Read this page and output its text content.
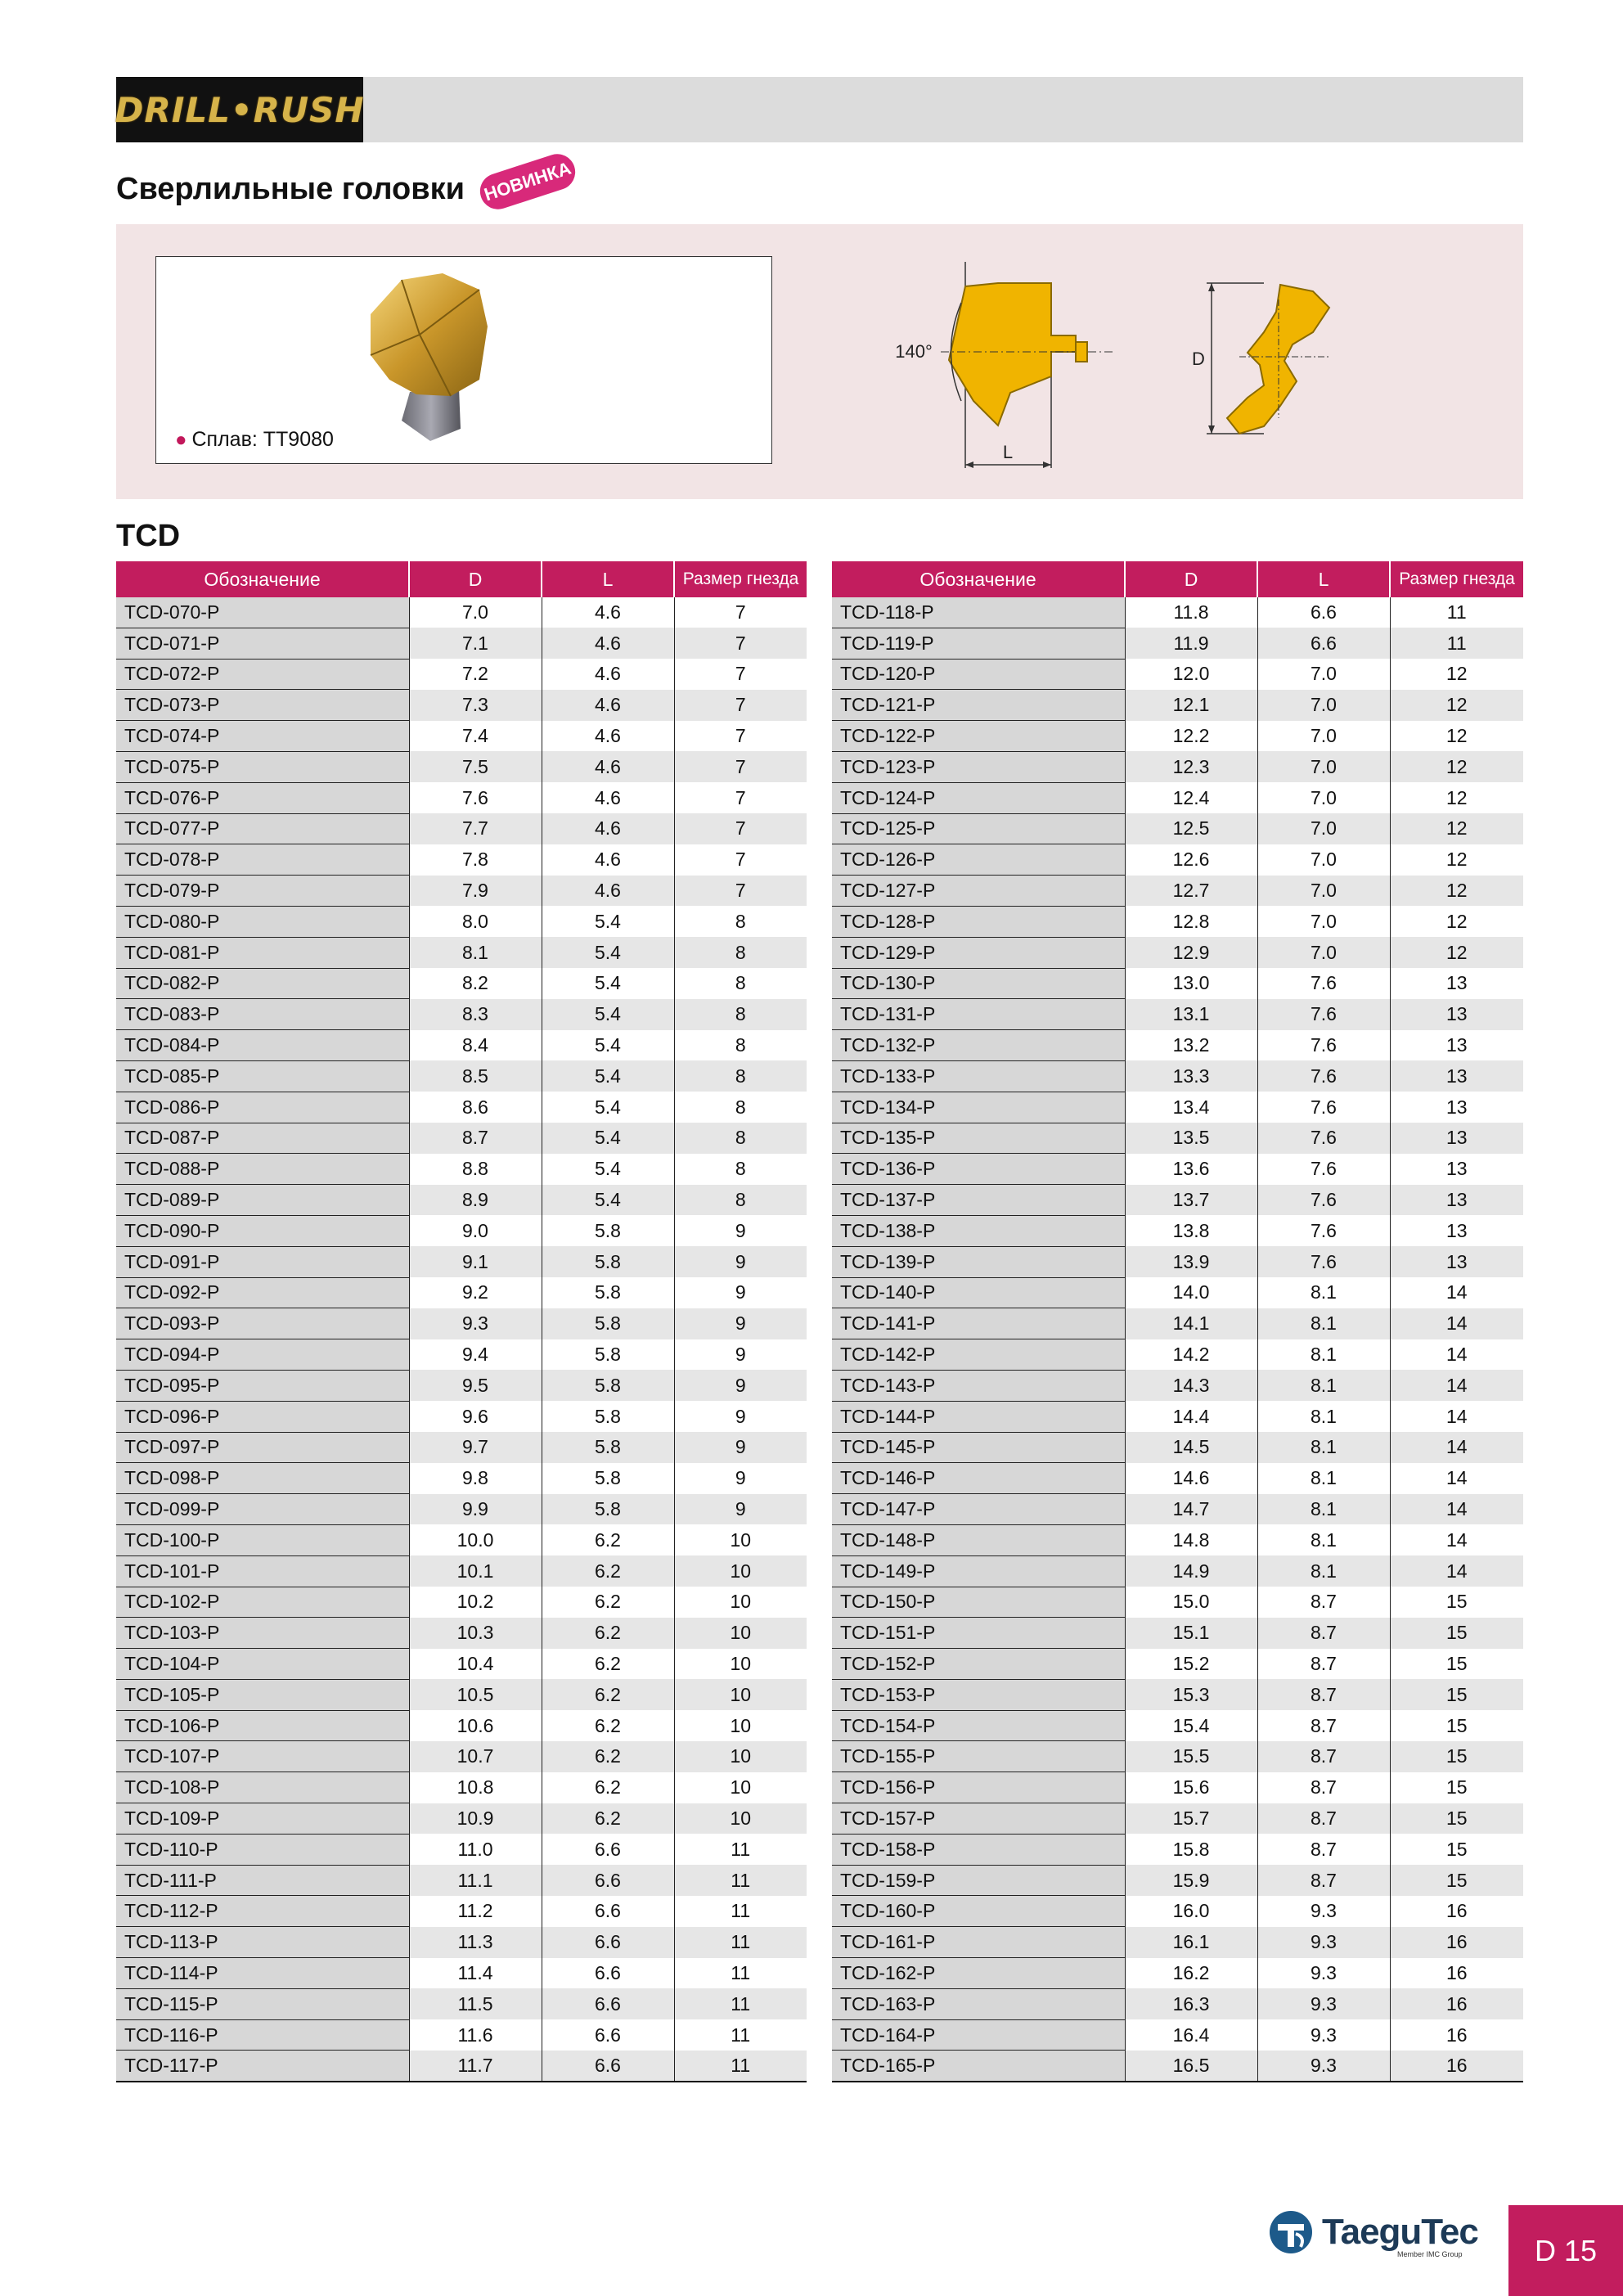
DRILL•RUSH
Сверлильные головки НОВИНКА
● Сплав: TT9080
L
140°	D
TCD
Обозначение	D	L	Размер гнезда
TCD-070-P	7.0	4.6	7
TCD-071-P	7.1	4.6	7
TCD-072-P	7.2	4.6	7
TCD-073-P	7.3	4.6	7
TCD-074-P	7.4	4.6	7
TCD-075-P	7.5	4.6	7
TCD-076-P	7.6	4.6	7
TCD-077-P	7.7	4.6	7
TCD-078-P	7.8	4.6	7
TCD-079-P	7.9	4.6	7
TCD-080-P	8.0	5.4	8
TCD-081-P	8.1	5.4	8
TCD-082-P	8.2	5.4	8
TCD-083-P	8.3	5.4	8
TCD-084-P	8.4	5.4	8
TCD-085-P	8.5	5.4	8
TCD-086-P	8.6	5.4	8
TCD-087-P	8.7	5.4	8
TCD-088-P	8.8	5.4	8
TCD-089-P	8.9	5.4	8
TCD-090-P	9.0	5.8	9
TCD-091-P	9.1	5.8	9
TCD-092-P	9.2	5.8	9
TCD-093-P	9.3	5.8	9
TCD-094-P	9.4	5.8	9
TCD-095-P	9.5	5.8	9
TCD-096-P	9.6	5.8	9
TCD-097-P	9.7	5.8	9
TCD-098-P	9.8	5.8	9
TCD-099-P	9.9	5.8	9
TCD-100-P	10.0	6.2	10
TCD-101-P	10.1	6.2	10
TCD-102-P	10.2	6.2	10
TCD-103-P	10.3	6.2	10
TCD-104-P	10.4	6.2	10
TCD-105-P	10.5	6.2	10
TCD-106-P	10.6	6.2	10
TCD-107-P	10.7	6.2	10
TCD-108-P	10.8	6.2	10
TCD-109-P	10.9	6.2	10
TCD-110-P	11.0	6.6	11
TCD-111-P	11.1	6.6	11
TCD-112-P	11.2	6.6	11
TCD-113-P	11.3	6.6	11
TCD-114-P	11.4	6.6	11
TCD-115-P	11.5	6.6	11
TCD-116-P	11.6	6.6	11
TCD-117-P	11.7	6.6	11
Обозначение	D	L	Размер гнезда
TCD-118-P	11.8	6.6	11
TCD-119-P	11.9	6.6	11
TCD-120-P	12.0	7.0	12
TCD-121-P	12.1	7.0	12
TCD-122-P	12.2	7.0	12
TCD-123-P	12.3	7.0	12
TCD-124-P	12.4	7.0	12
TCD-125-P	12.5	7.0	12
TCD-126-P	12.6	7.0	12
TCD-127-P	12.7	7.0	12
TCD-128-P	12.8	7.0	12
TCD-129-P	12.9	7.0	12
TCD-130-P	13.0	7.6	13
TCD-131-P	13.1	7.6	13
TCD-132-P	13.2	7.6	13
TCD-133-P	13.3	7.6	13
TCD-134-P	13.4	7.6	13
TCD-135-P	13.5	7.6	13
TCD-136-P	13.6	7.6	13
TCD-137-P	13.7	7.6	13
TCD-138-P	13.8	7.6	13
TCD-139-P	13.9	7.6	13
TCD-140-P	14.0	8.1	14
TCD-141-P	14.1	8.1	14
TCD-142-P	14.2	8.1	14
TCD-143-P	14.3	8.1	14
TCD-144-P	14.4	8.1	14
TCD-145-P	14.5	8.1	14
TCD-146-P	14.6	8.1	14
TCD-147-P	14.7	8.1	14
TCD-148-P	14.8	8.1	14
TCD-149-P	14.9	8.1	14
TCD-150-P	15.0	8.7	15
TCD-151-P	15.1	8.7	15
TCD-152-P	15.2	8.7	15
TCD-153-P	15.3	8.7	15
TCD-154-P	15.4	8.7	15
TCD-155-P	15.5	8.7	15
TCD-156-P	15.6	8.7	15
TCD-157-P	15.7	8.7	15
TCD-158-P	15.8	8.7	15
TCD-159-P	15.9	8.7	15
TCD-160-P	16.0	9.3	16
TCD-161-P	16.1	9.3	16
TCD-162-P	16.2	9.3	16
TCD-163-P	16.3	9.3	16
TCD-164-P	16.4	9.3	16
TCD-165-P	16.5	9.3	16
TaeguTec
Member IMC Group	D 15
